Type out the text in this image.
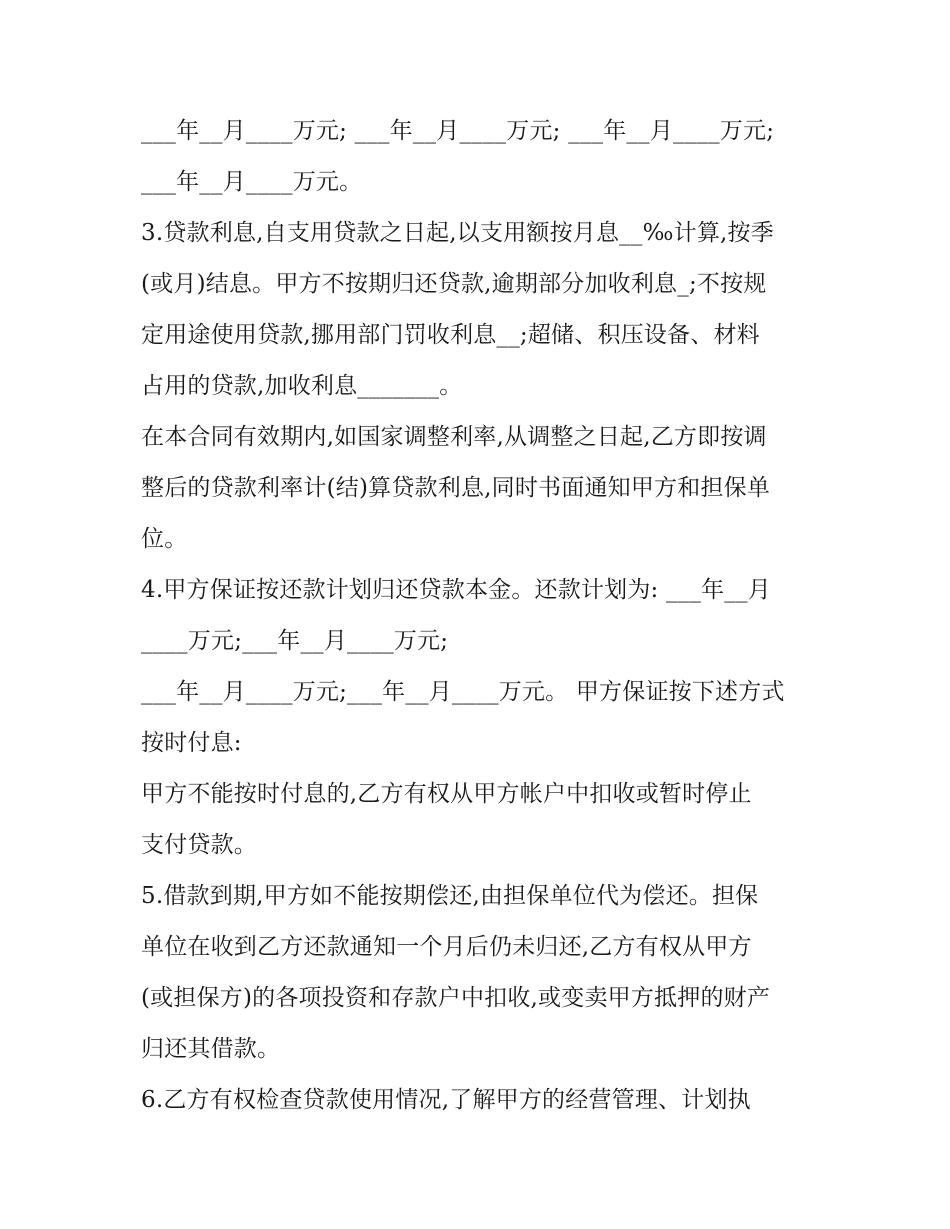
___年__月____万元; ___年__月____万元; ___年__月____万元;
___年__月____万元。
3.贷款利息,自支用贷款之日起,以支用额按月息__‰计算,按季
(或月)结息。甲方不按期归还贷款,逾期部分加收利息_;不按规
定用途使用贷款,挪用部门罚收利息__;超储、积压设备、材料
占用的贷款,加收利息_______。
在本合同有效期内,如国家调整利率,从调整之日起,乙方即按调
整后的贷款利率计(结)算贷款利息,同时书面通知甲方和担保单
位。
4.甲方保证按还款计划归还贷款本金。还款计划为: ___年__月
____万元;___年__月____万元;
___年__月____万元;___年__月____万元。 甲方保证按下述方式
按时付息:
甲方不能按时付息的,乙方有权从甲方帐户中扣收或暂时停止
支付贷款。
5.借款到期,甲方如不能按期偿还,由担保单位代为偿还。担保
单位在收到乙方还款通知一个月后仍未归还,乙方有权从甲方
(或担保方)的各项投资和存款户中扣收,或变卖甲方抵押的财产
归还其借款。
6.乙方有权检查贷款使用情况,了解甲方的经营管理、计划执
